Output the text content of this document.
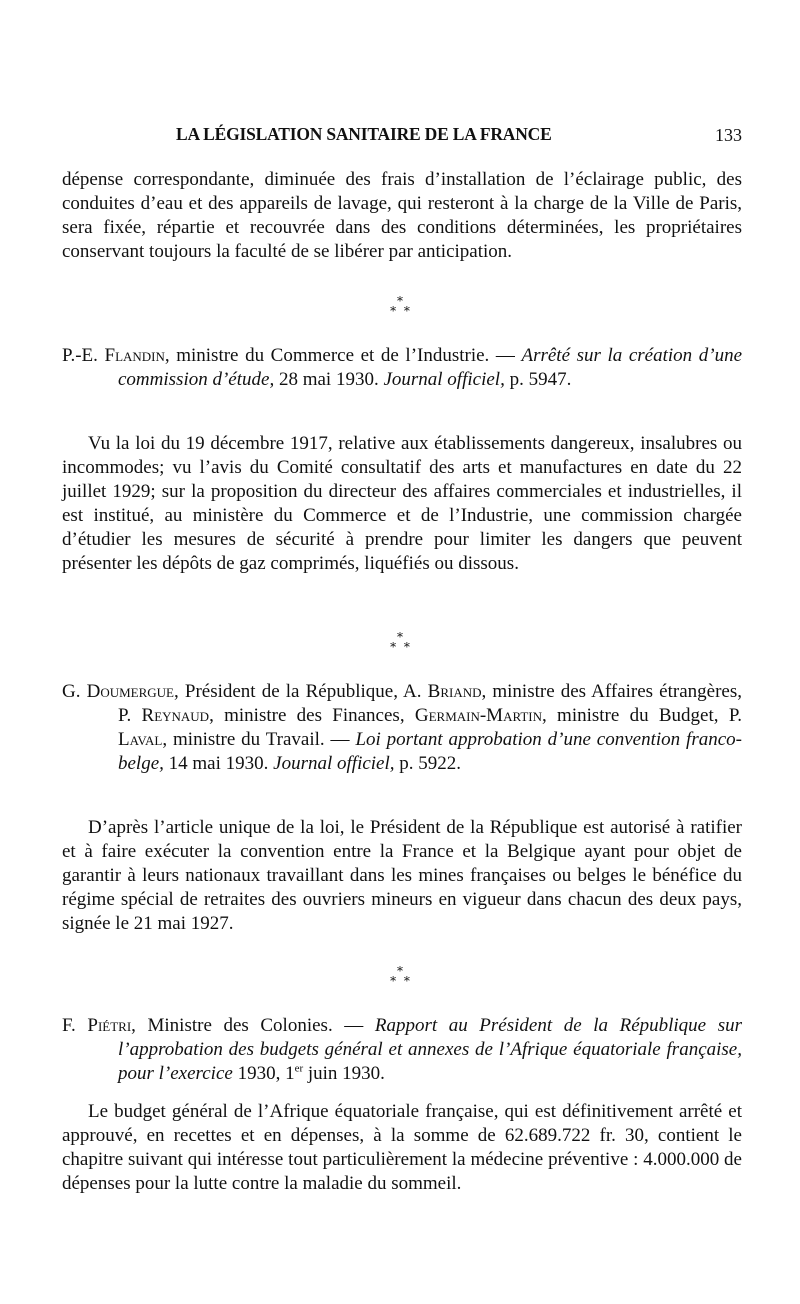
LA LÉGISLATION SANITAIRE DE LA FRANCE	133

dépense correspondante, diminuée des frais d’installation de l’éclairage public, des conduites d’eau et des appareils de lavage, qui resteront à la charge de la Ville de Paris, sera fixée, répartie et recouvrée dans des conditions déterminées, les propriétaires conservant toujours la faculté de se libérer par anticipation.

*
* *

P.-E. Flandin, ministre du Commerce et de l’Industrie. — Arrêté sur la création d’une commission d’étude, 28 mai 1930. Journal officiel, p. 5947.

Vu la loi du 19 décembre 1917, relative aux établissements dangereux, insalubres ou incommodes; vu l’avis du Comité consultatif des arts et manufactures en date du 22 juillet 1929; sur la proposition du directeur des affaires commerciales et industrielles, il est institué, au ministère du Commerce et de l’Industrie, une commission chargée d’étudier les mesures de sécurité à prendre pour limiter les dangers que peuvent présenter les dépôts de gaz comprimés, liquéfiés ou dissous.

*
* *

G. Doumergue, Président de la République, A. Briand, ministre des Affaires étrangères, P. Reynaud, ministre des Finances, Germain-Martin, ministre du Budget, P. Laval, ministre du Travail. — Loi portant approbation d’une convention franco-belge, 14 mai 1930. Journal officiel, p. 5922.

D’après l’article unique de la loi, le Président de la République est autorisé à ratifier et à faire exécuter la convention entre la France et la Belgique ayant pour objet de garantir à leurs nationaux travaillant dans les mines françaises ou belges le bénéfice du régime spécial de retraites des ouvriers mineurs en vigueur dans chacun des deux pays, signée le 21 mai 1927.

*
* *

F. Piétri, Ministre des Colonies. — Rapport au Président de la République sur l’approbation des budgets général et annexes de l’Afrique équatoriale française, pour l’exercice 1930, 1er juin 1930.

Le budget général de l’Afrique équatoriale française, qui est définitivement arrêté et approuvé, en recettes et en dépenses, à la somme de 62.689.722 fr. 30, contient le chapitre suivant qui intéresse tout particulièrement la médecine préventive : 4.000.000 de dépenses pour la lutte contre la maladie du sommeil.
